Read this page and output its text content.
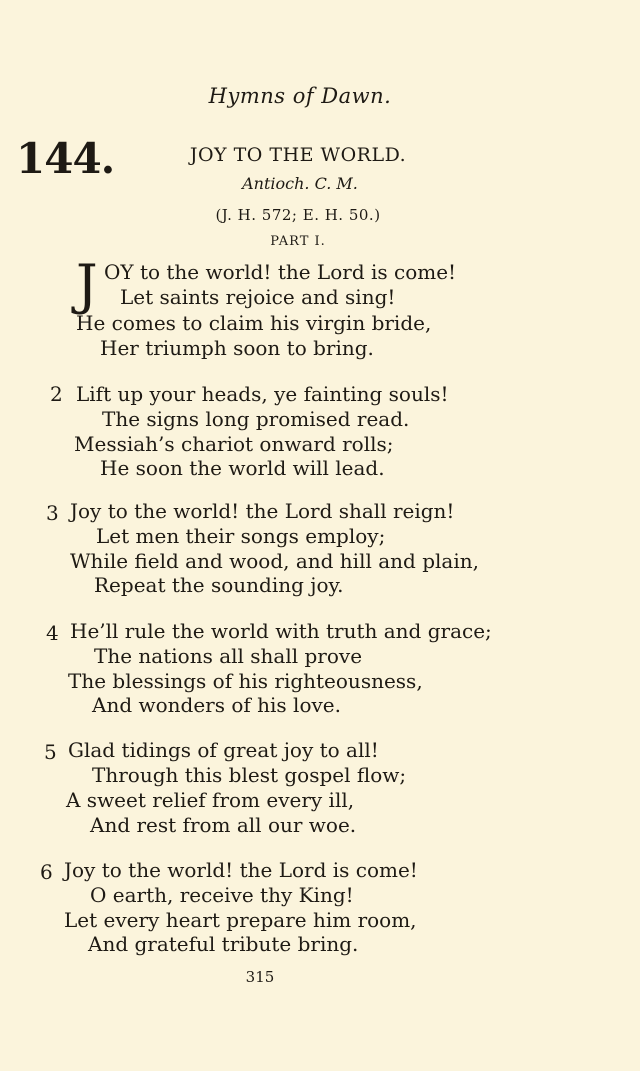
Hymns of Dawn.
144.	JOY TO THE WORLD.
Antioch. C. M.
(J. H. 572; E. H. 50.)
PART I.
J OY to the world! the Lord is come!
Let saints rejoice and sing!
He comes to claim his virgin bride,
Her triumph soon to bring.
2 Lift up your heads, ye fainting souls!
The signs long promised read.
Messiah’s chariot onward rolls;
He soon the world will lead.
3 Joy to the world! the Lord shall reign!
Let men their songs employ;
While field and wood, and hill and plain,
Repeat the sounding joy.
4 He’ll rule the world with truth and grace;
The nations all shall prove
The blessings of his righteousness,
And wonders of his love.
5 Glad tidings of great joy to all!
Through this blest gospel flow;
A sweet relief from every ill,
And rest from all our woe.
6 Joy to the world! the Lord is come!
O earth, receive thy King!
Let every heart prepare him room,
And grateful tribute bring.
315
